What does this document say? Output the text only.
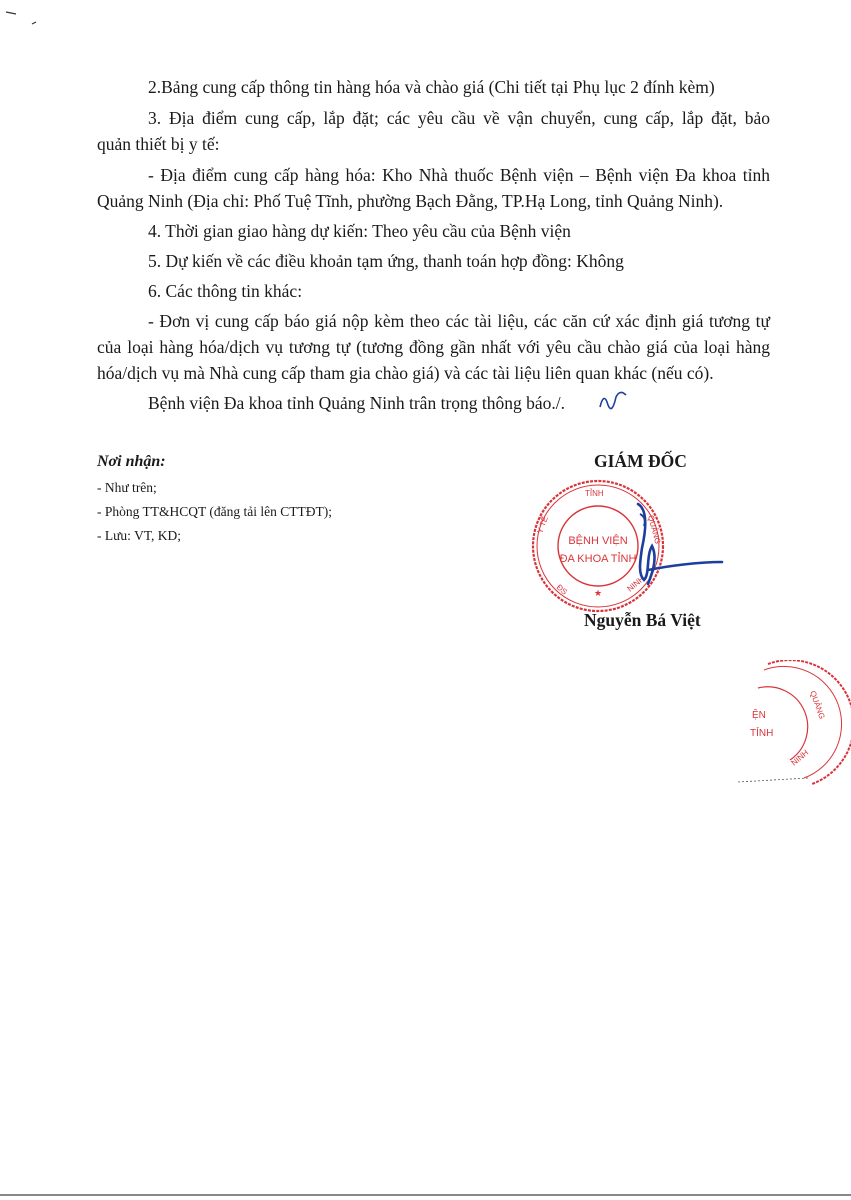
2.Bảng cung cấp thông tin hàng hóa và chào giá (Chi tiết tại Phụ lục 2 đính kèm)
3. Địa điểm cung cấp, lắp đặt; các yêu cầu về vận chuyển, cung cấp, lắp đặt, bảo
quản thiết bị y tế:
- Địa điểm cung cấp hàng hóa: Kho Nhà thuốc Bệnh viện – Bệnh viện Đa khoa tỉnh
Quảng Ninh (Địa chỉ: Phố Tuệ Tĩnh, phường Bạch Đằng, TP.Hạ Long, tỉnh Quảng Ninh).
4. Thời gian giao hàng dự kiến: Theo yêu cầu của Bệnh viện
5. Dự kiến về các điều khoản tạm ứng, thanh toán hợp đồng: Không
6. Các thông tin khác:
- Đơn vị cung cấp báo giá nộp kèm theo các tài liệu, các căn cứ xác định giá tương tự
của loại hàng hóa/dịch vụ tương tự (tương đồng gần nhất với yêu cầu chào giá của loại hàng
hóa/dịch vụ mà Nhà cung cấp tham gia chào giá) và các tài liệu liên quan khác (nếu có).
Bệnh viện Đa khoa tỉnh Quảng Ninh trân trọng thông báo./.
Nơi nhận:
- Như trên;
- Phòng TT&HCQT (đăng tải lên CTTĐT);
- Lưu: VT, KD;
GIÁM ĐỐC
TỈNH
Y TẾ	QUẢNG
NINH
ĐS	★
BỆNH VIỆN
ĐA KHOA TỈNH
Nguyễn Bá Việt
ỆN
TỈNH
QUẢNG
NINH
